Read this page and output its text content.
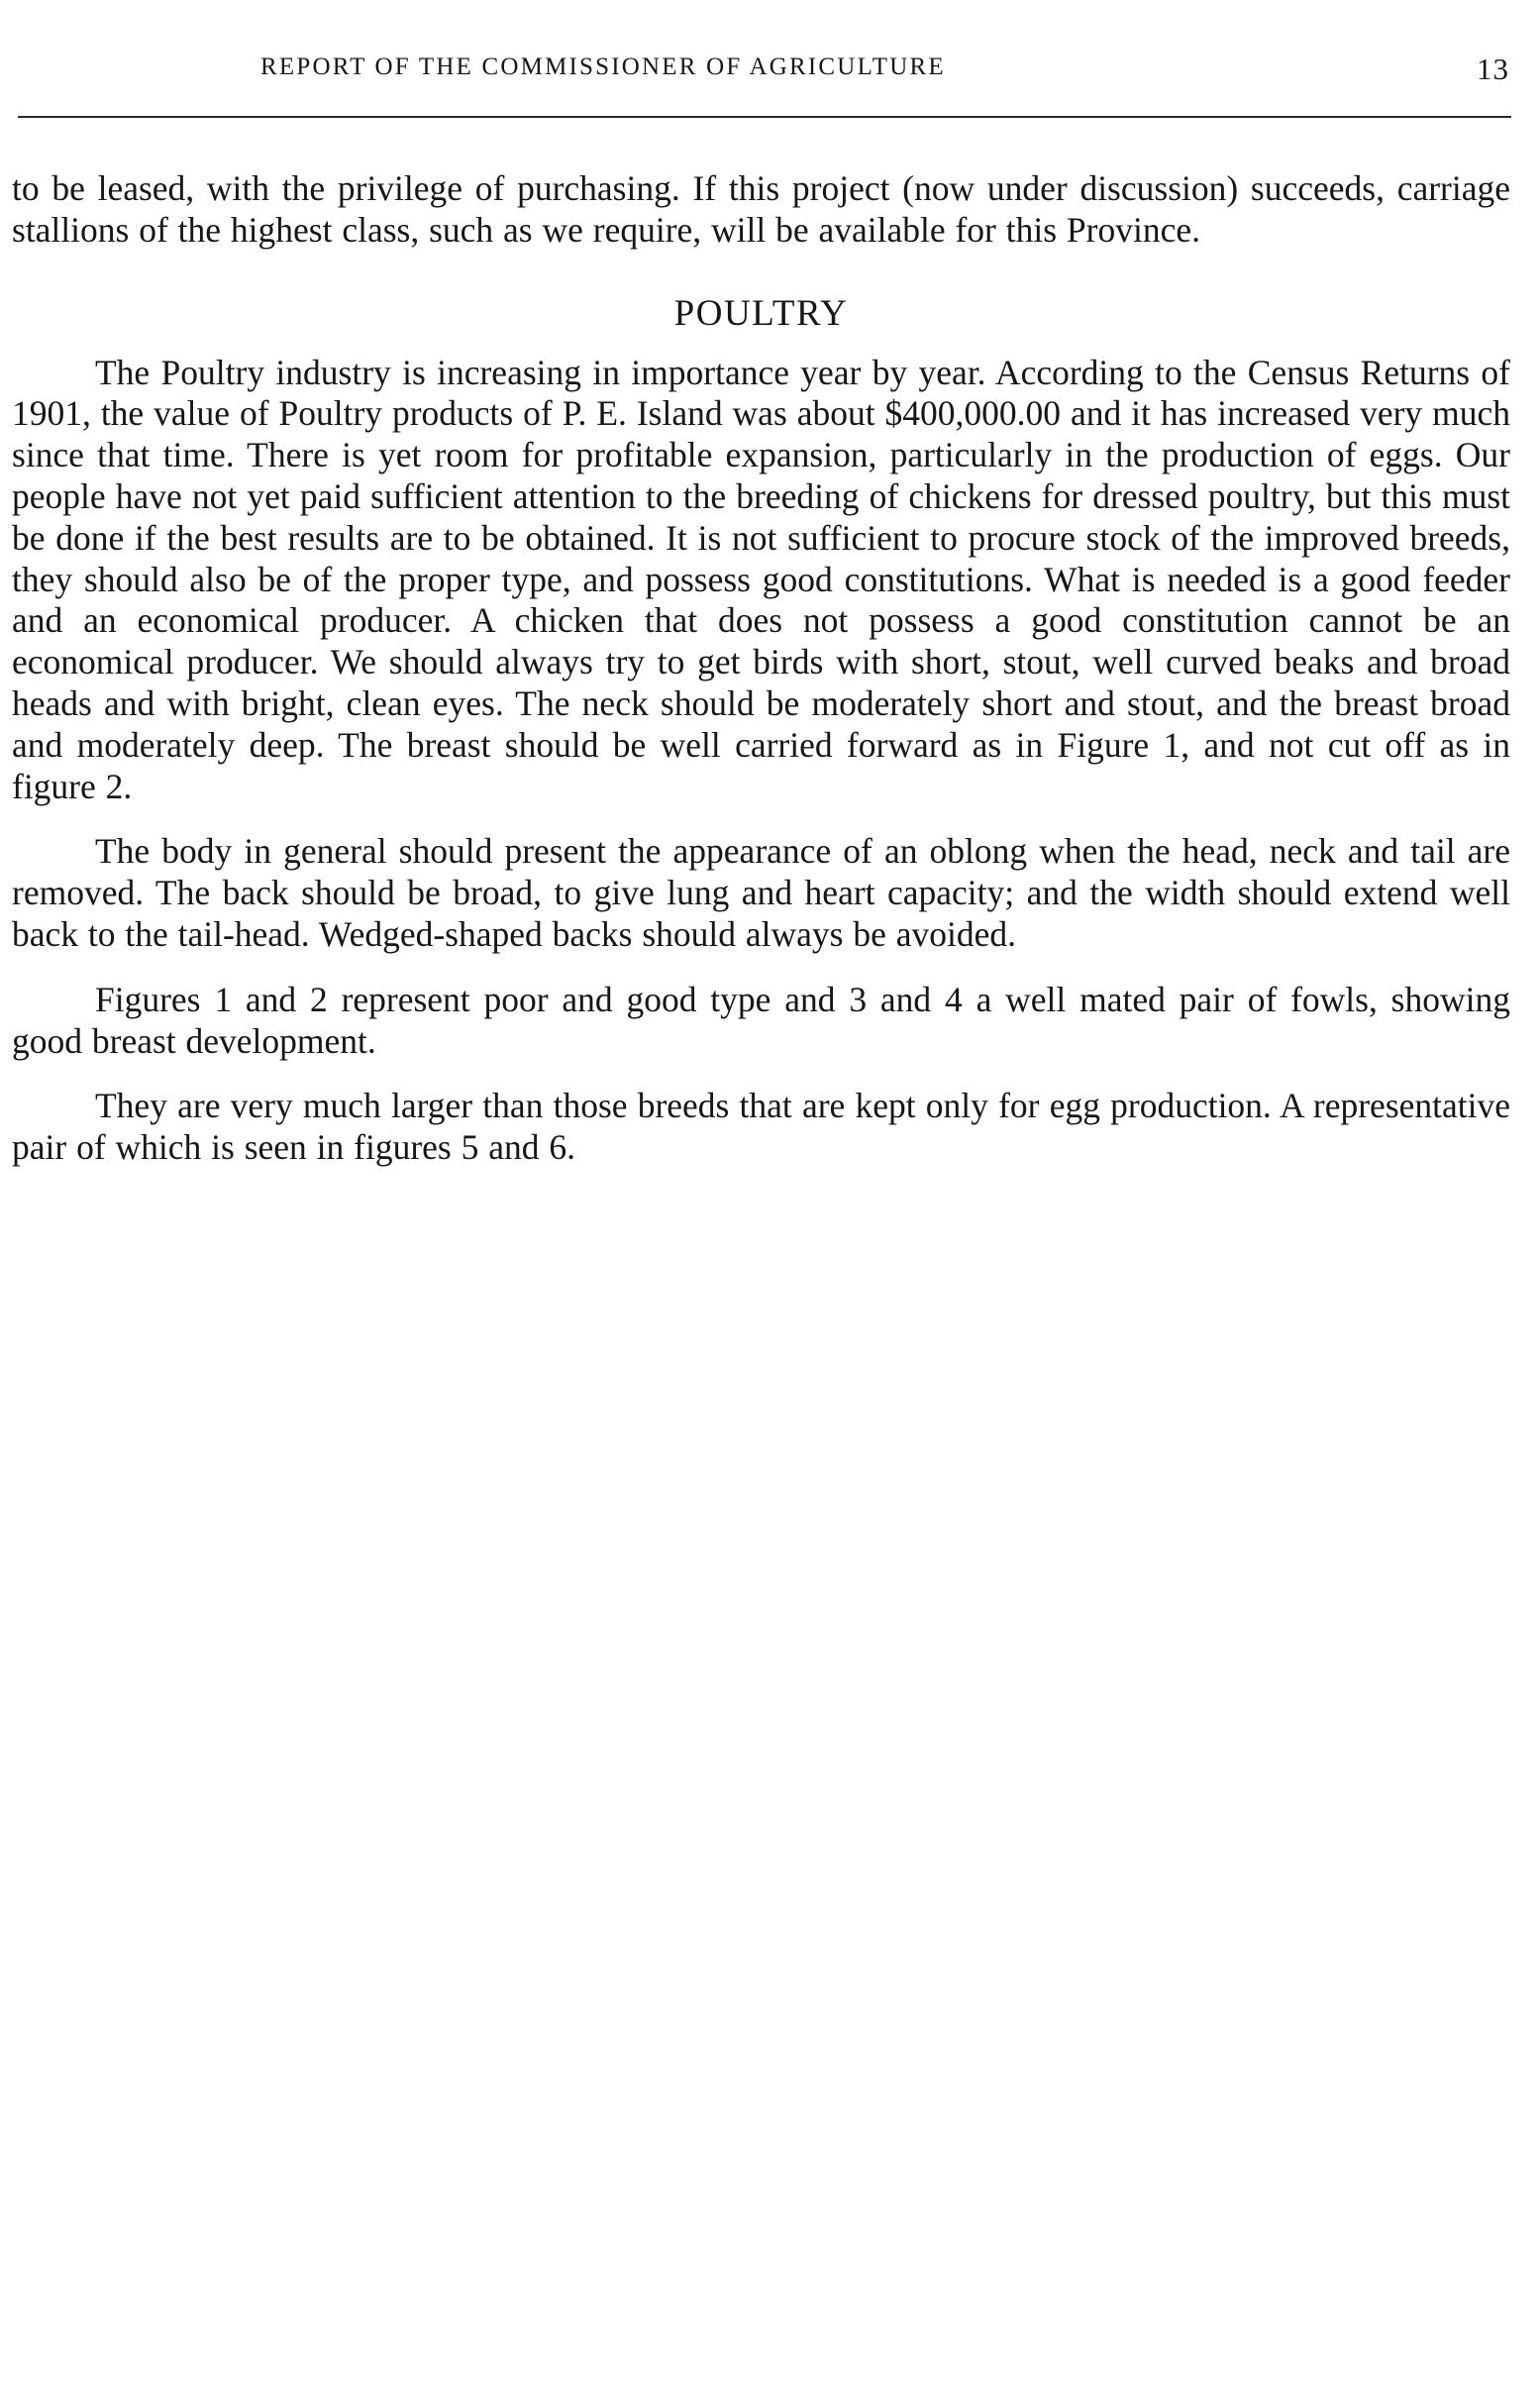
REPORT OF THE COMMISSIONER OF AGRICULTURE	13

to be leased, with the privilege of purchasing. If this project (now under discussion) succeeds, carriage stallions of the highest class, such as we require, will be available for this Province.

POULTRY

The Poultry industry is increasing in importance year by year. According to the Census Returns of 1901, the value of Poultry products of P. E. Island was about $400,000.00 and it has increased very much since that time. There is yet room for profitable expansion, particularly in the production of eggs. Our people have not yet paid sufficient attention to the breeding of chickens for dressed poultry, but this must be done if the best results are to be obtained. It is not sufficient to procure stock of the improved breeds, they should also be of the proper type, and possess good constitutions. What is needed is a good feeder and an economical producer. A chicken that does not possess a good constitution cannot be an economical producer. We should always try to get birds with short, stout, well curved beaks and broad heads and with bright, clean eyes. The neck should be moderately short and stout, and the breast broad and moderately deep. The breast should be well carried forward as in Figure 1, and not cut off as in figure 2.

The body in general should present the appearance of an oblong when the head, neck and tail are removed. The back should be broad, to give lung and heart capacity; and the width should extend well back to the tail-head. Wedged-shaped backs should always be avoided.

Figures 1 and 2 represent poor and good type and 3 and 4 a well mated pair of fowls, showing good breast development.

They are very much larger than those breeds that are kept only for egg production. A representative pair of which is seen in figures 5 and 6.
